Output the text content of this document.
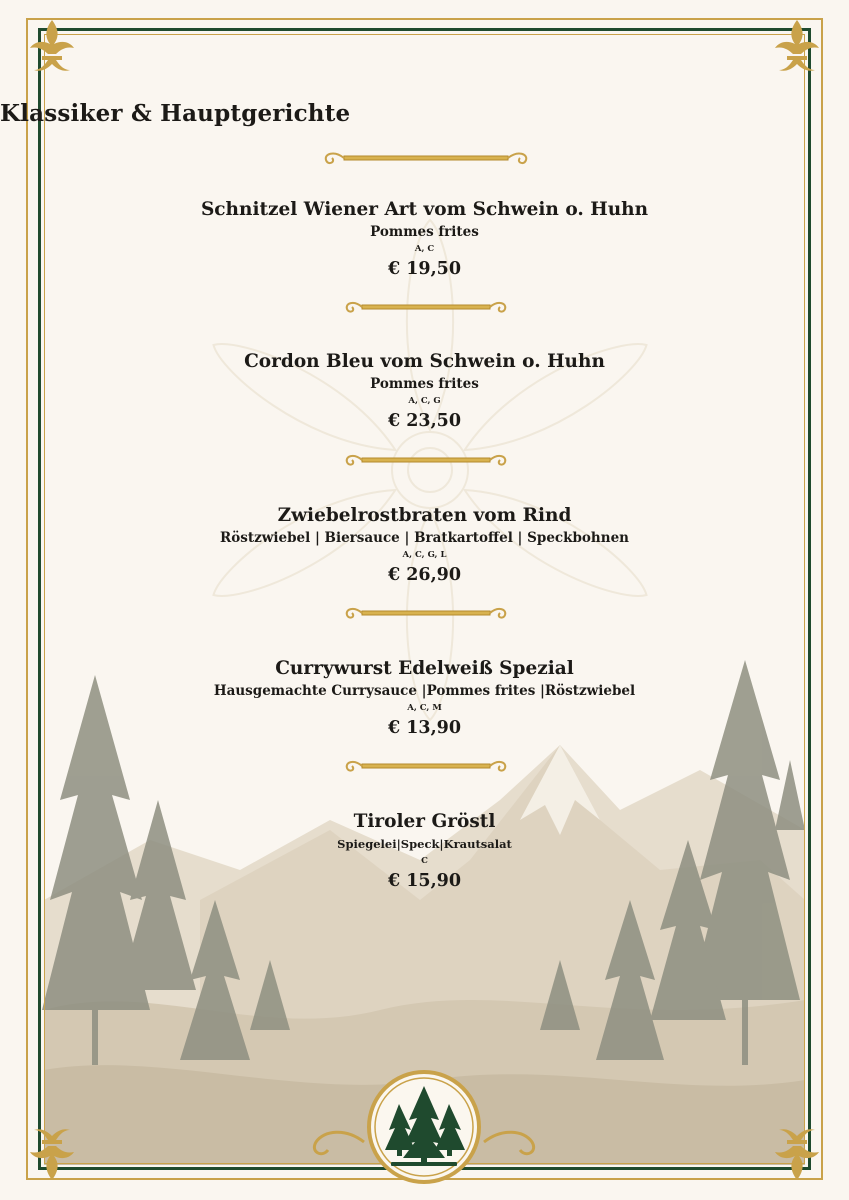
Klassiker & Hauptgerichte
Schnitzel Wiener Art vom Schwein o. Huhn
Pommes frites
A, C
€ 19,50
Cordon Bleu vom Schwein o. Huhn
Pommes frites
A, C, G
€ 23,50
Zwiebelrostbraten vom Rind
Röstzwiebel | Biersauce | Bratkartoffel | Speckbohnen
A, C, G, L
€ 26,90
Currywurst Edelweiß Spezial
Hausgemachte Currysauce |Pommes frites |Röstzwiebel
A, C, M
€ 13,90
Tiroler Gröstl
Spiegelei|Speck|Krautsalat
C
€ 15,90
